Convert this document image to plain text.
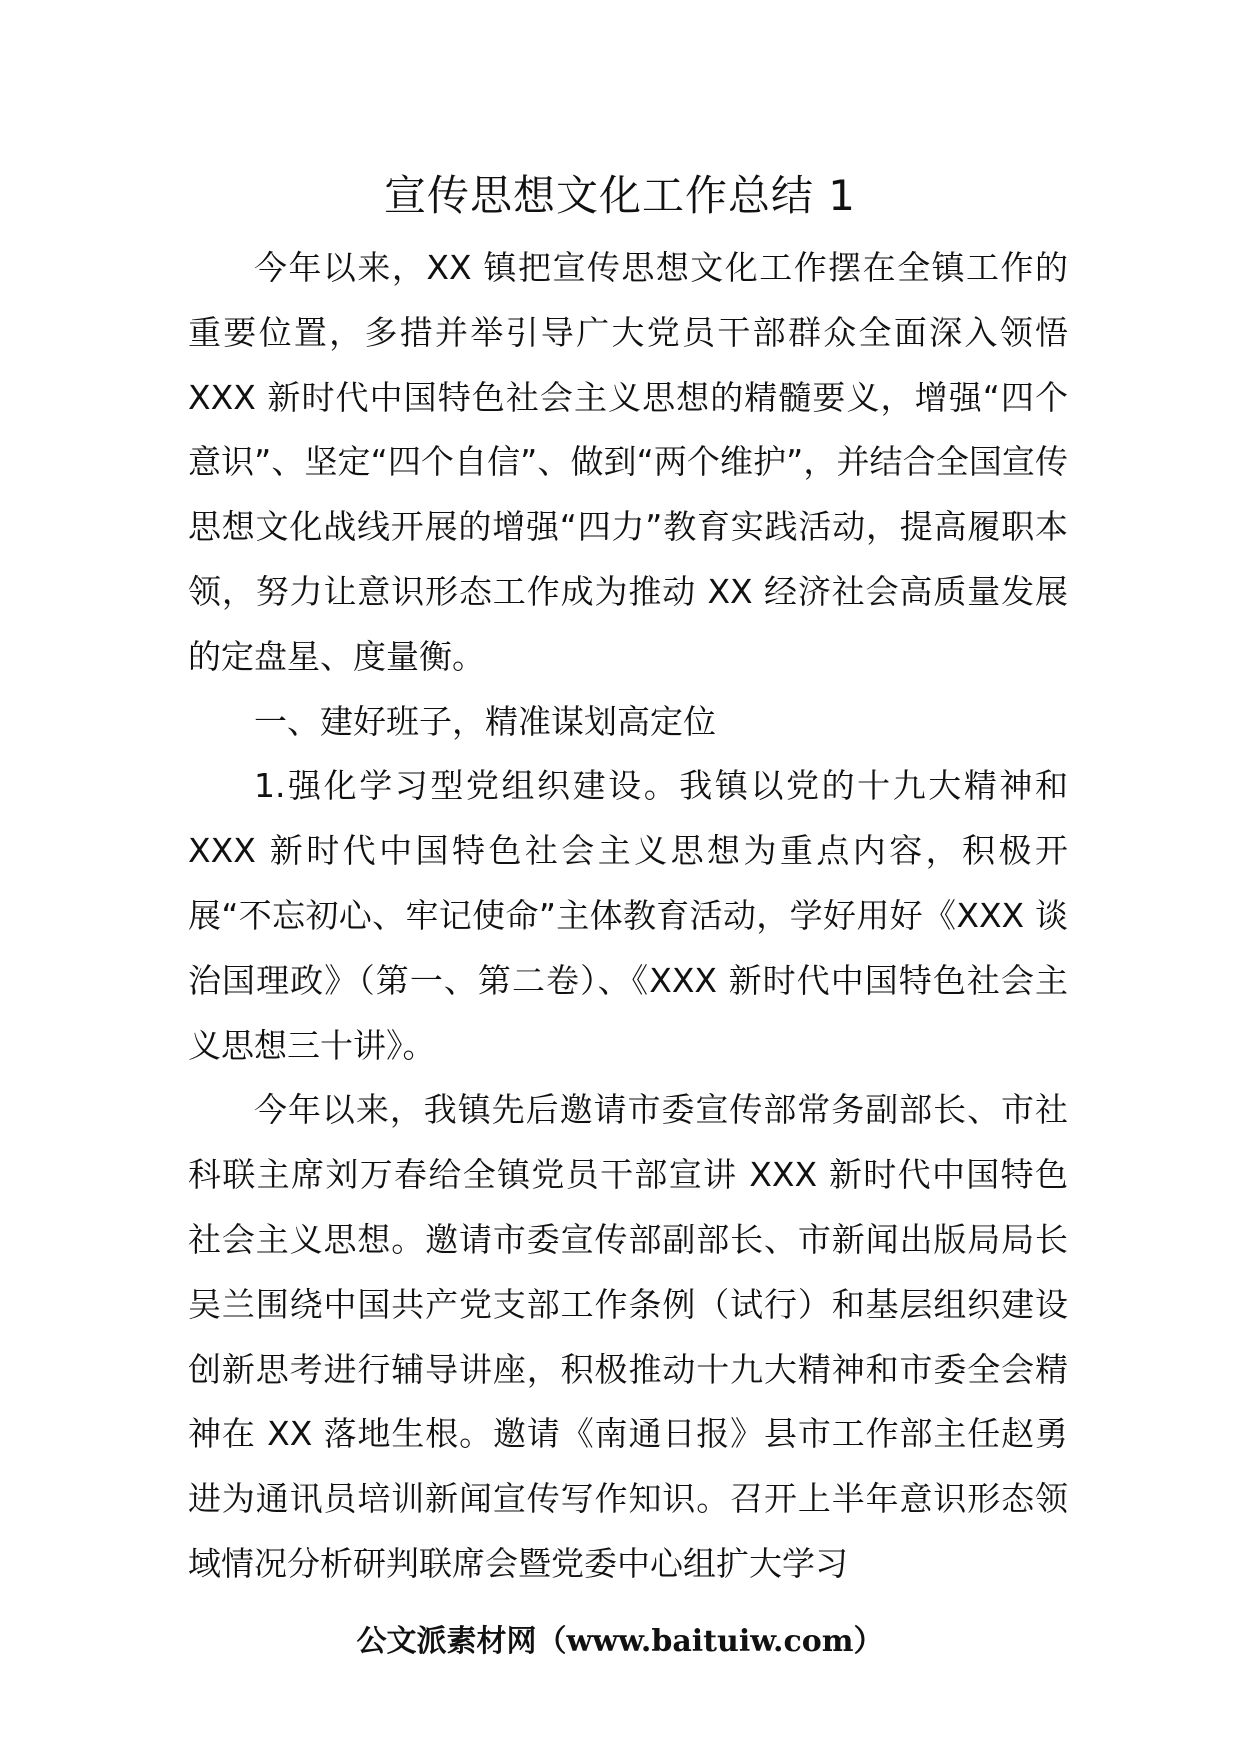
宣传思想文化工作总结 1

今年以来，XX 镇把宣传思想文化工作摆在全镇工作的重要位置，多措并举引导广大党员干部群众全面深入领悟 XXX 新时代中国特色社会主义思想的精髓要义，增强“四个意识”、坚定“四个自信”、做到“两个维护”，并结合全国宣传思想文化战线开展的增强“四力”教育实践活动，提高履职本领，努力让意识形态工作成为推动 XX 经济社会高质量发展的定盘星、度量衡。

一、建好班子，精准谋划高定位

1.强化学习型党组织建设。我镇以党的十九大精神和 XXX 新时代中国特色社会主义思想为重点内容，积极开展“不忘初心、牢记使命”主体教育活动，学好用好《XXX 谈治国理政》（第一、第二卷）、《XXX 新时代中国特色社会主义思想三十讲》。

今年以来，我镇先后邀请市委宣传部常务副部长、市社科联主席刘万春给全镇党员干部宣讲 XXX 新时代中国特色社会主义思想。邀请市委宣传部副部长、市新闻出版局局长吴兰围绕中国共产党支部工作条例（试行）和基层组织建设创新思考进行辅导讲座，积极推动十九大精神和市委全会精神在 XX 落地生根。邀请《南通日报》县市工作部主任赵勇进为通讯员培训新闻宣传写作知识。召开上半年意识形态领域情况分析研判联席会暨党委中心组扩大学习

公文派素材网（www.baituiw.com）
